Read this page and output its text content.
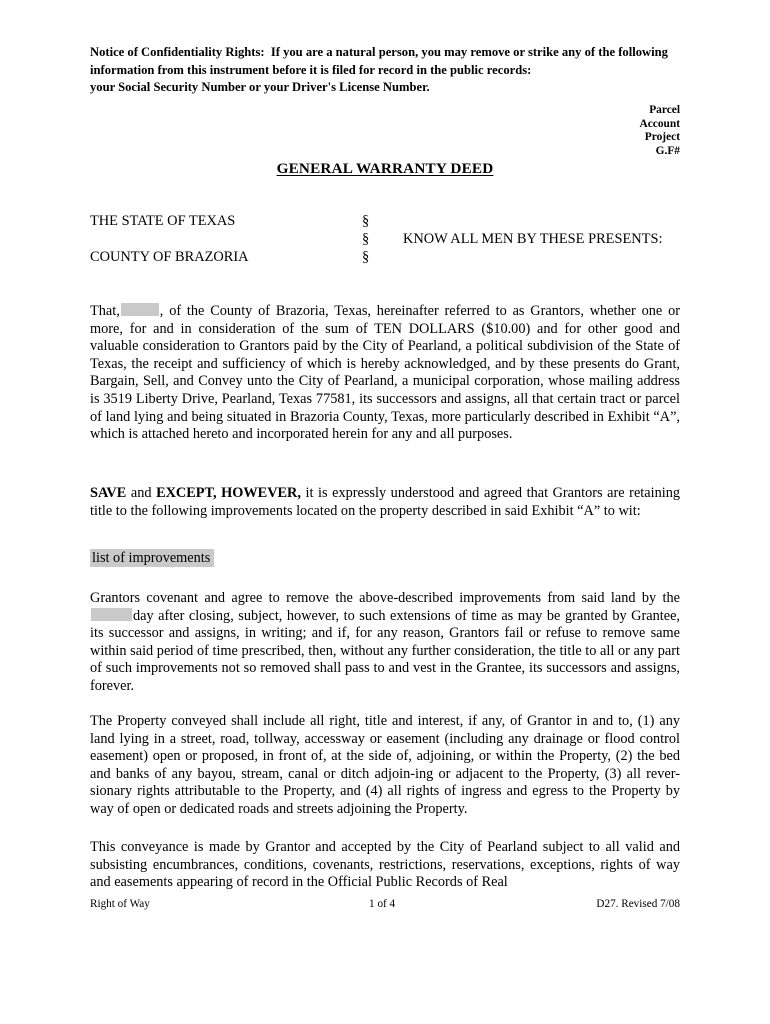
Notice of Confidentiality Rights:  If you are a natural person, you may remove or strike any of the following
information from this instrument before it is filed for record in the public records:
your Social Security Number or your Driver's License Number.
Parcel
Account
Project
G.F#
GENERAL WARRANTY DEED
THE STATE OF TEXAS	§
§ KNOW ALL MEN BY THESE PRESENTS:
COUNTY OF BRAZORIA	§
That,	, of the County of Brazoria, Texas, hereinafter referred to as Grantors, whether one or more, for and in consideration of the sum of TEN DOLLARS ($10.00) and for other good and valuable consideration to Grantors paid by the City of Pearland, a political subdivision of the State of Texas, the receipt and sufficiency of which is hereby acknowledged, and by these presents do Grant, Bargain, Sell, and Convey unto the City of Pearland, a municipal corporation, whose mailing address is 3519 Liberty Drive, Pearland, Texas 77581, its successors and assigns, all that certain tract or parcel of land lying and being situated in Brazoria County, Texas, more particularly described in Exhibit “A”, which is attached hereto and incorporated herein for any and all purposes.
SAVE and EXCEPT, HOWEVER, it is expressly understood and agreed that Grantors are retaining title to the following improvements located on the property described in said Exhibit “A” to wit:
list of improvements
Grantors covenant and agree to remove the above-described improvements from said land by theday after closing, subject, however, to such extensions of time as may be granted by Grantee, its successor and assigns, in writing; and if, for any reason, Grantors fail or refuse to remove same within said period of time prescribed, then, without any further consideration, the title to all or any part of such improvements not so removed shall pass to and vest in the Grantee, its successors and assigns, forever.
The Property conveyed shall include all right, title and interest, if any, of Grantor in and to, (1) any land lying in a street, road, tollway, accessway or easement (including any drainage or flood control easement) open or proposed, in front of, at the side of, adjoining, or within the Property, (2) the bed and banks of any bayou, stream, canal or ditch adjoin-ing or adjacent to the Property, (3) all rever-sionary rights attributable to the Property, and (4) all rights of ingress and egress to the Property by way of open or dedicated roads and streets adjoining the Property.
This conveyance is made by Grantor and accepted by the City of Pearland subject to all valid and subsisting encumbrances, conditions, covenants, restrictions, reservations, exceptions, rights of way and easements appearing of record in the Official Public Records of Real
Right of Way	1 of 4	D27. Revised 7/08
